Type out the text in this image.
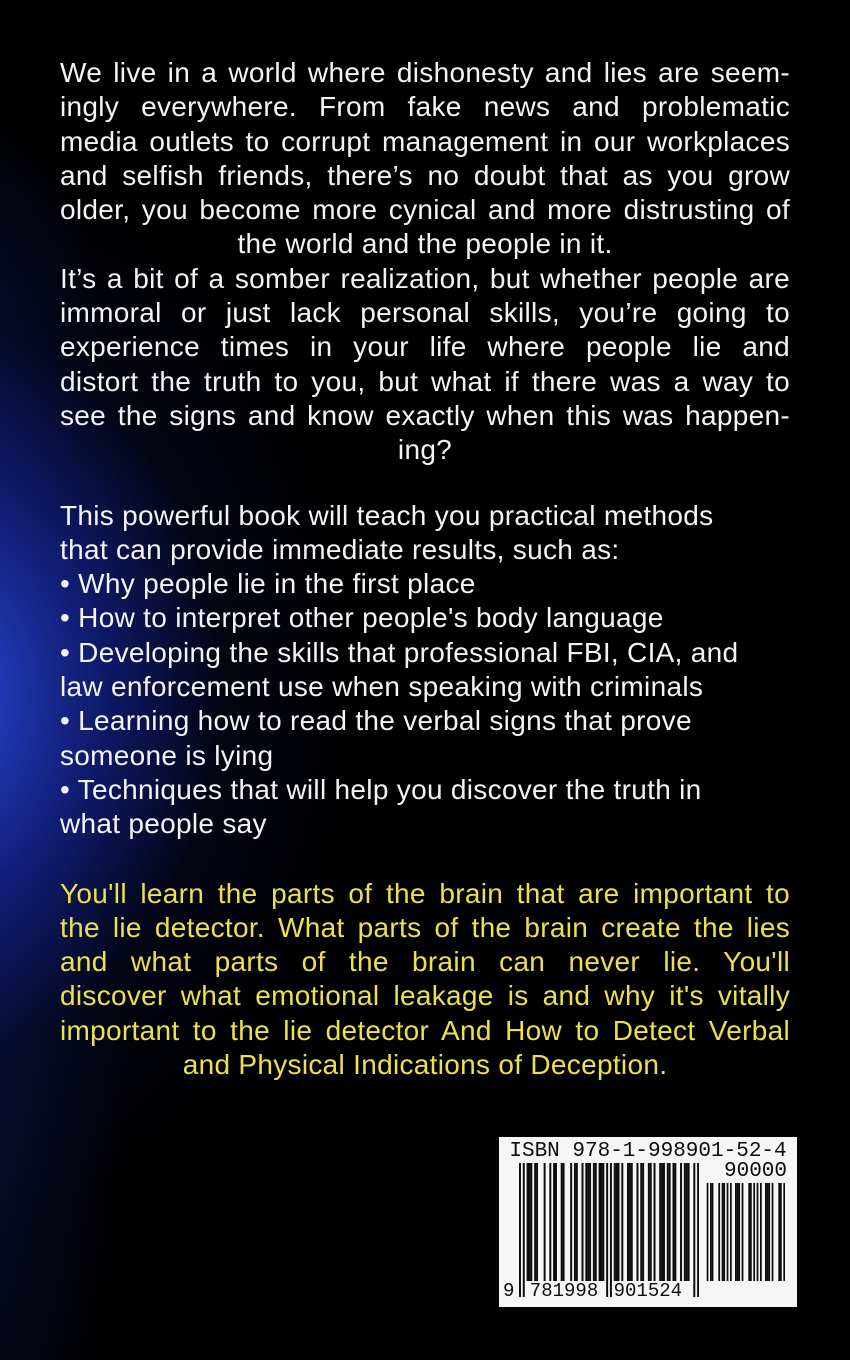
We live in a world where dishonesty and lies are seem-
ingly everywhere. From fake news and problematic
media outlets to corrupt management in our workplaces
and selfish friends, there’s no doubt that as you grow
older, you become more cynical and more distrusting of
the world and the people in it.

It’s a bit of a somber realization, but whether people are
immoral or just lack personal skills, you’re going to
experience times in your life where people lie and
distort the truth to you, but what if there was a way to
see the signs and know exactly when this was happen-
ing?

This powerful book will teach you practical methods
that can provide immediate results, such as:

• Why people lie in the first place

• How to interpret other people's body language

• Developing the skills that professional FBI, CIA, and
law enforcement use when speaking with criminals

• Learning how to read the verbal signs that prove
someone is lying

• Techniques that will help you discover the truth in
what people say

You'll learn the parts of the brain that are important to
the lie detector. What parts of the brain create the lies
and what parts of the brain can never lie. You'll
discover what emotional leakage is and why it's vitally
important to the lie detector And How to Detect Verbal
and Physical Indications of Deception.

ISBN 978-1-998901-52-4
9 781998 901524
90000
